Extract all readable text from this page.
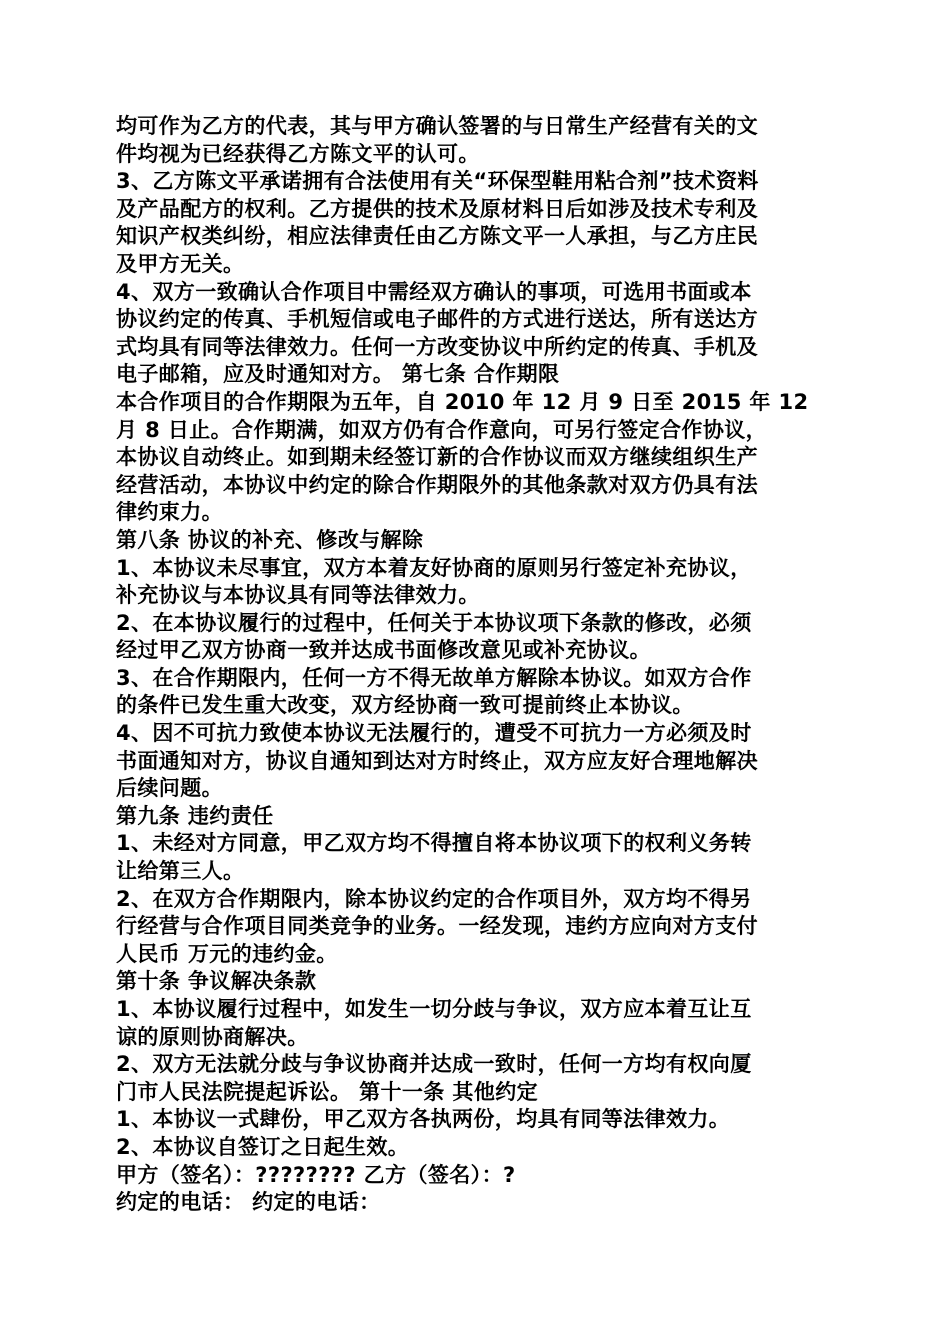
均可作为乙方的代表，其与甲方确认签署的与日常生产经营有关的文
件均视为已经获得乙方陈文平的认可。
3、乙方陈文平承诺拥有合法使用有关“环保型鞋用粘合剂”技术资料
及产品配方的权利。乙方提供的技术及原材料日后如涉及技术专利及
知识产权类纠纷，相应法律责任由乙方陈文平一人承担，与乙方庄民
及甲方无关。
4、双方一致确认合作项目中需经双方确认的事项，可选用书面或本
协议约定的传真、手机短信或电子邮件的方式进行送达，所有送达方
式均具有同等法律效力。任何一方改变协议中所约定的传真、手机及
电子邮箱，应及时通知对方。 第七条 合作期限
本合作项目的合作期限为五年，自 2010 年 12 月 9 日至 2015 年 12
月 8 日止。合作期满，如双方仍有合作意向，可另行签定合作协议，
本协议自动终止。如到期未经签订新的合作协议而双方继续组织生产
经营活动，本协议中约定的除合作期限外的其他条款对双方仍具有法
律约束力。
第八条 协议的补充、修改与解除
1、本协议未尽事宜，双方本着友好协商的原则另行签定补充协议，
补充协议与本协议具有同等法律效力。
2、在本协议履行的过程中，任何关于本协议项下条款的修改，必须
经过甲乙双方协商一致并达成书面修改意见或补充协议。
3、在合作期限内，任何一方不得无故单方解除本协议。如双方合作
的条件已发生重大改变，双方经协商一致可提前终止本协议。
4、因不可抗力致使本协议无法履行的，遭受不可抗力一方必须及时
书面通知对方，协议自通知到达对方时终止，双方应友好合理地解决
后续问题。
第九条 违约责任
1、未经对方同意，甲乙双方均不得擅自将本协议项下的权利义务转
让给第三人。
2、在双方合作期限内，除本协议约定的合作项目外，双方均不得另
行经营与合作项目同类竞争的业务。一经发现，违约方应向对方支付
人民币 万元的违约金。
第十条 争议解决条款
1、本协议履行过程中，如发生一切分歧与争议，双方应本着互让互
谅的原则协商解决。
2、双方无法就分歧与争议协商并达成一致时，任何一方均有权向厦
门市人民法院提起诉讼。 第十一条 其他约定
1、本协议一式肆份，甲乙双方各执两份，均具有同等法律效力。
2、本协议自签订之日起生效。
甲方（签名）：???????? 乙方（签名）：?
约定的电话： 约定的电话：
